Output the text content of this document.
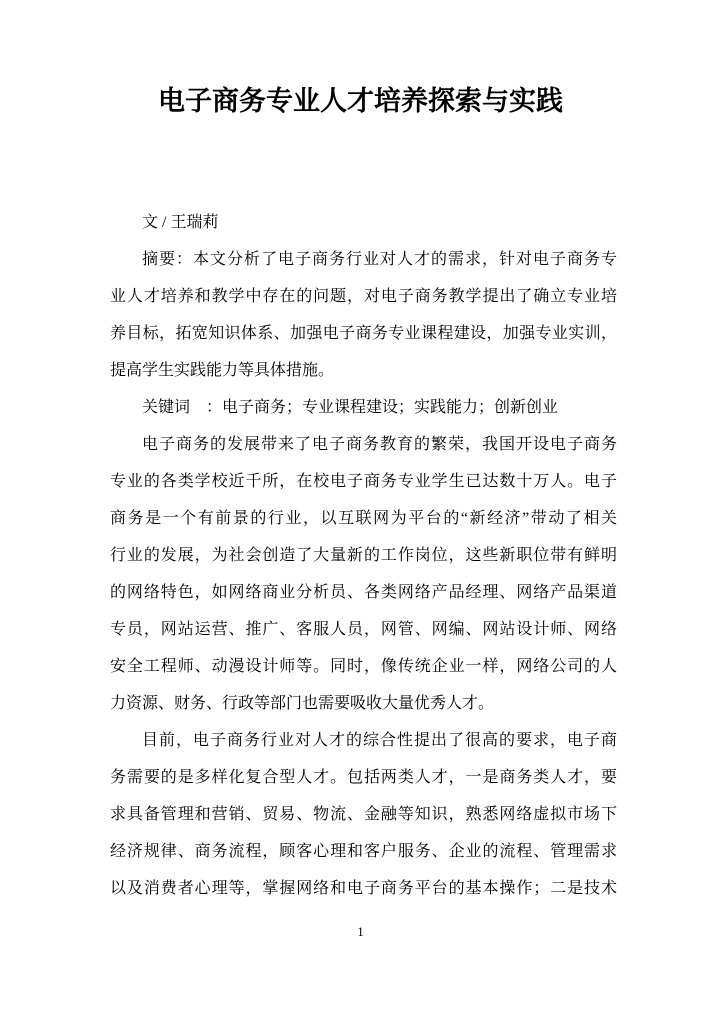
电子商务专业人才培养探索与实践
文 / 王瑞莉
摘要：本文分析了电子商务行业对人才的需求，针对电子商务专
业人才培养和教学中存在的问题，对电子商务教学提出了确立专业培
养目标，拓宽知识体系、加强电子商务专业课程建设，加强专业实训，
提高学生实践能力等具体措施。
关键词　：电子商务；专业课程建设；实践能力；创新创业
电子商务的发展带来了电子商务教育的繁荣，我国开设电子商务
专业的各类学校近千所，在校电子商务专业学生已达数十万人。电子
商务是一个有前景的行业，以互联网为平台的“新经济”带动了相关
行业的发展，为社会创造了大量新的工作岗位，这些新职位带有鲜明
的网络特色，如网络商业分析员、各类网络产品经理、网络产品渠道
专员，网站运营、推广、客服人员，网管、网编、网站设计师、网络
安全工程师、动漫设计师等。同时，像传统企业一样，网络公司的人
力资源、财务、行政等部门也需要吸收大量优秀人才。
目前，电子商务行业对人才的综合性提出了很高的要求，电子商
务需要的是多样化复合型人才。包括两类人才，一是商务类人才，要
求具备管理和营销、贸易、物流、金融等知识，熟悉网络虚拟市场下
经济规律、商务流程，顾客心理和客户服务、企业的流程、管理需求
以及消费者心理等，掌握网络和电子商务平台的基本操作；二是技术
1
